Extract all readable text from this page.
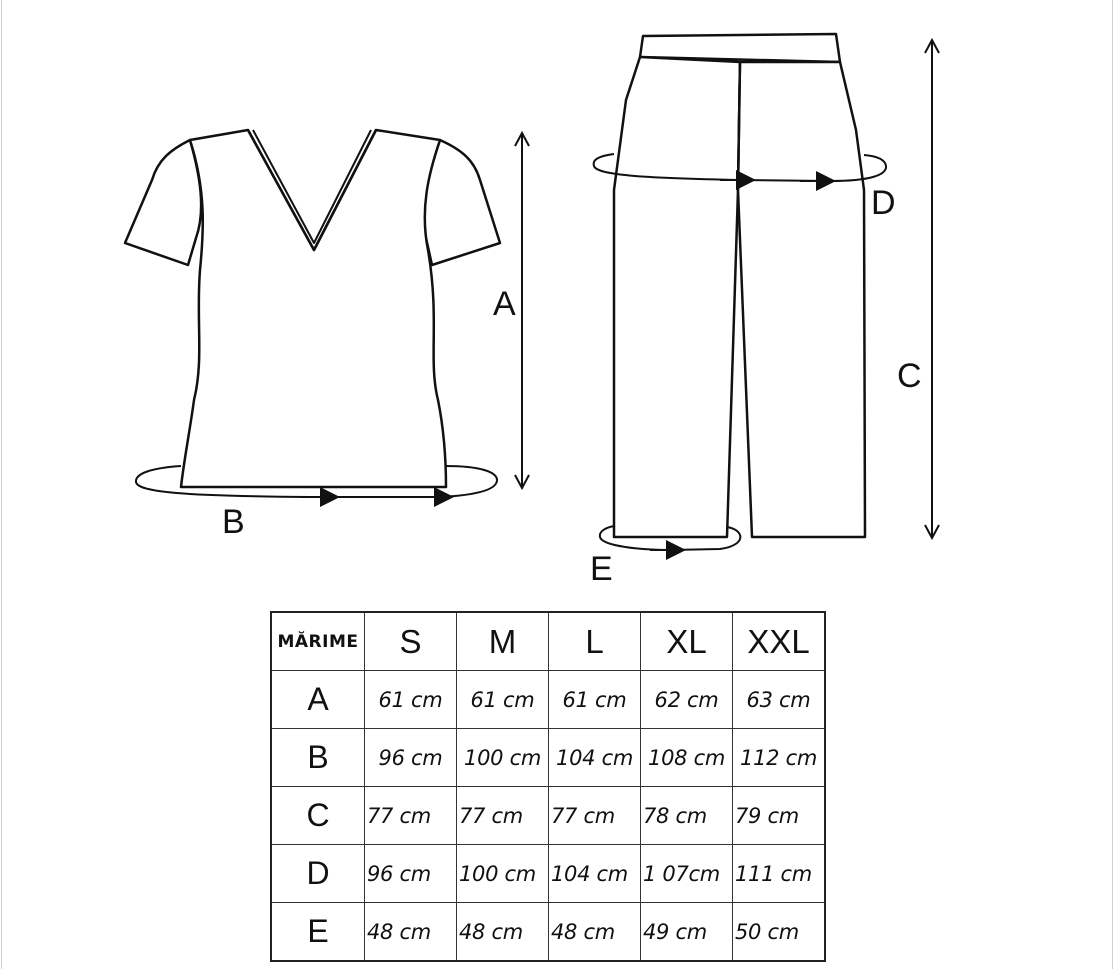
A
B
C
D
E
MĂRIME	S	M	L	XL	XXL
A	61 cm	61 cm	61 cm	62 cm	63 cm
B	96 cm	100 cm	104 cm	108 cm	112 cm
C	77 cm	77 cm	77 cm	78 cm	79 cm
D	96 cm	100 cm	104 cm	1 07cm	111 cm
E	48 cm	48 cm	48 cm	49 cm	50 cm
